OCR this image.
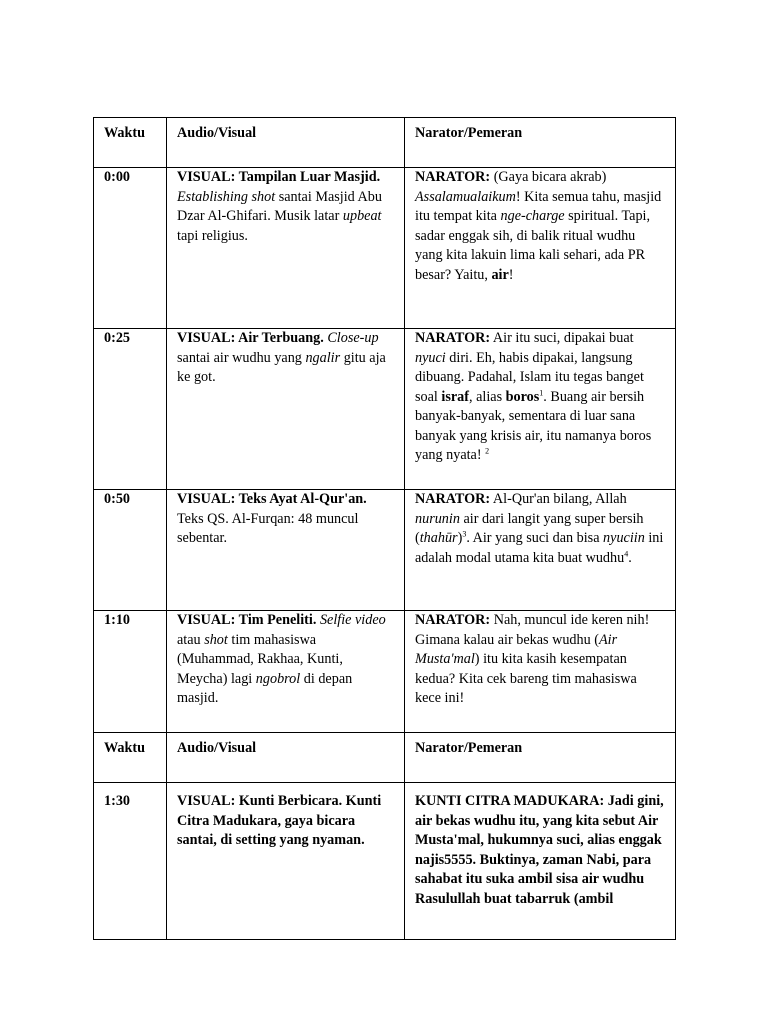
Waktu	Audio/Visual	Narator/Pemeran

0:00	VISUAL: Tampilan Luar Masjid. Establishing shot santai Masjid Abu Dzar Al-Ghifari. Musik latar upbeat tapi religius.	NARATOR: (Gaya bicara akrab) Assalamualaikum! Kita semua tahu, masjid itu tempat kita nge-charge spiritual. Tapi, sadar enggak sih, di balik ritual wudhu yang kita lakuin lima kali sehari, ada PR besar? Yaitu, air!
0:25	VISUAL: Air Terbuang. Close-up santai air wudhu yang ngalir gitu aja ke got.	NARATOR: Air itu suci, dipakai buat nyuci diri. Eh, habis dipakai, langsung dibuang. Padahal, Islam itu tegas banget soal israf, alias boros$^1$. Buang air bersih banyak-banyak, sementara di luar sana banyak yang krisis air, itu namanya boros yang nyata! $^2$
0:50	VISUAL: Teks Ayat Al-Qur'an. Teks QS. Al-Furqan: 48 muncul sebentar.	NARATOR: Al-Qur'an bilang, Allah nurunin air dari langit yang super bersih (thahūr)$^3$. Air yang suci dan bisa nyuciin ini adalah modal utama kita buat wudhu$^4$.
1:10	VISUAL: Tim Peneliti. Selfie video atau shot tim mahasiswa (Muhammad, Rakhaa, Kunti, Meycha) lagi ngobrol di depan masjid.	NARATOR: Nah, muncul ide keren nih! Gimana kalau air bekas wudhu (Air Musta'mal) itu kita kasih kesempatan kedua? Kita cek bareng tim mahasiswa kece ini!

Waktu	Audio/Visual	Narator/Pemeran

1:30	VISUAL: Kunti Berbicara. Kunti Citra Madukara, gaya bicara santai, di setting yang nyaman.	KUNTI CITRA MADUKARA: Jadi gini, air bekas wudhu itu, yang kita sebut Air Musta'mal, hukumnya suci, alias enggak najis5555. Buktinya, zaman Nabi, para sahabat itu suka ambil sisa air wudhu Rasulullah buat tabarruk (ambil
